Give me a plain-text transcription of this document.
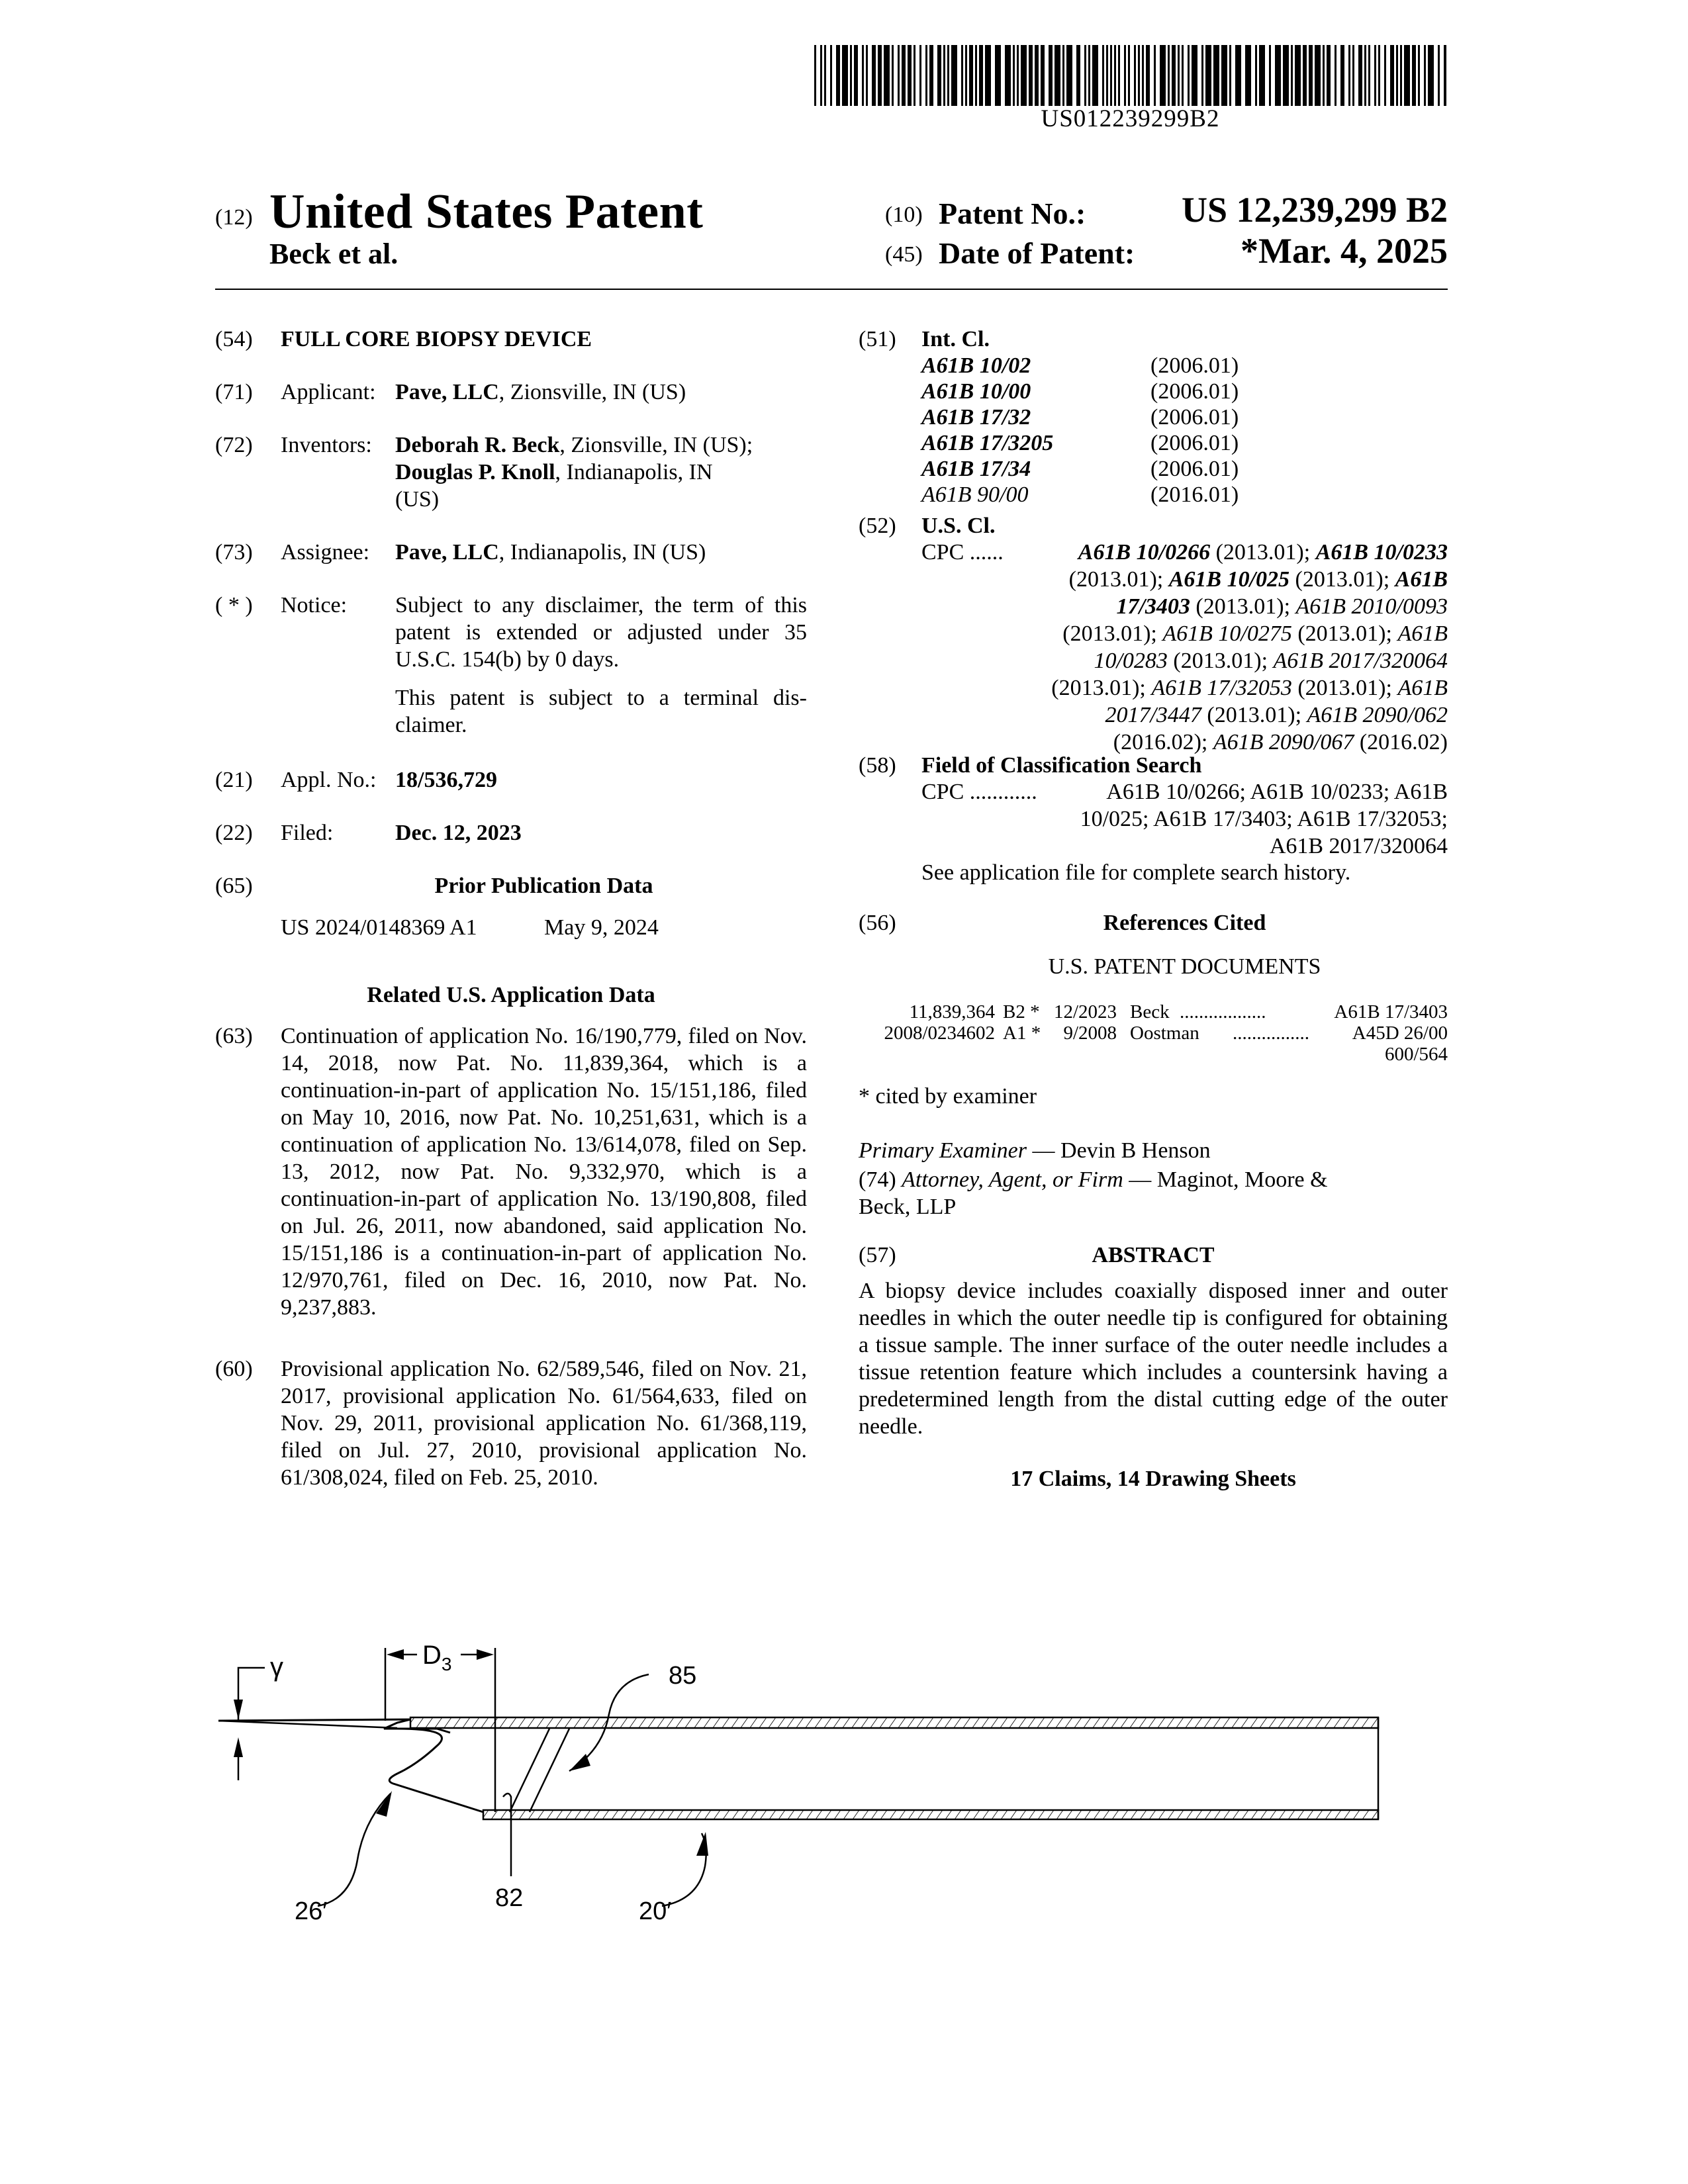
US012239299B2
(12) United States Patent
Beck et al.
(10) Patent No.:	US 12,239,299 B2
(45) Date of Patent:	*Mar. 4, 2025
(54) FULL CORE BIOPSY DEVICE
(71) Applicant: Pave, LLC, Zionsville, IN (US)
(72) Inventors: Deborah R. Beck, Zionsville, IN (US);
Douglas P. Knoll, Indianapolis, IN
(US)
(73) Assignee: Pave, LLC, Indianapolis, IN (US)
( * ) Notice: Subject to any disclaimer, the term of this patent is extended or adjusted under 35 U.S.C. 154(b) by 0 days.
This patent is subject to a terminal dis-claimer.
(21) Appl. No.: 18/536,729
(22) Filed:	Dec. 12, 2023
(65)	Prior Publication Data
US 2024/0148369 A1	May 9, 2024
Related U.S. Application Data
(63) Continuation of application No. 16/190,779, filed on Nov. 14, 2018, now Pat. No. 11,839,364, which is a continuation-in-part of application No. 15/151,186, filed on May 10, 2016, now Pat. No. 10,251,631, which is a continuation of application No. 13/614,078, filed on Sep. 13, 2012, now Pat. No. 9,332,970, which is a continuation-in-part of application No. 13/190,808, filed on Jul. 26, 2011, now abandoned, said application No. 15/151,186 is a continuation-in-part of application No. 12/970,761, filed on Dec. 16, 2010, now Pat. No. 9,237,883.
(60) Provisional application No. 62/589,546, filed on Nov. 21, 2017, provisional application No. 61/564,633, filed on Nov. 29, 2011, provisional application No. 61/368,119, filed on Jul. 27, 2010, provisional application No. 61/308,024, filed on Feb. 25, 2010.
(51) Int. Cl.
A61B 10/02	(2006.01)
A61B 10/00	(2006.01)
A61B 17/32	(2006.01)
A61B 17/3205	(2006.01)
A61B 17/34	(2006.01)
A61B 90/00	(2016.01)
(52) U.S. Cl.
CPC ......	A61B 10/0266 (2013.01); A61B 10/0233
(2013.01); A61B 10/025 (2013.01); A61B
17/3403 (2013.01); A61B 2010/0093
(2013.01); A61B 10/0275 (2013.01); A61B
10/0283 (2013.01); A61B 2017/320064
(2013.01); A61B 17/32053 (2013.01); A61B
2017/3447 (2013.01); A61B 2090/062
(2016.02); A61B 2090/067 (2016.02)
(58) Field of Classification Search
CPC ............	A61B 10/0266; A61B 10/0233; A61B
10/025; A61B 17/3403; A61B 17/32053;
A61B 2017/320064
See application file for complete search history.
(56)	References Cited
U.S. PATENT DOCUMENTS
11,839,364 B2 * 12/2023 Beck ..................	A61B 17/3403
2008/0234602 A1 *	9/2008 Oostman ................ A45D 26/00
600/564
* cited by examiner
Primary Examiner — Devin B Henson
(74) Attorney, Agent, or Firm — Maginot, Moore &
Beck, LLP
(57)	ABSTRACT
A biopsy device includes coaxially disposed inner and outer needles in which the outer needle tip is configured for obtaining a tissue sample. The inner surface of the outer needle includes a tissue retention feature which includes a countersink having a predetermined length from the distal cutting edge of the outer needle.
17 Claims, 14 Drawing Sheets
$D_3$
γ	85
82
26′	20′
